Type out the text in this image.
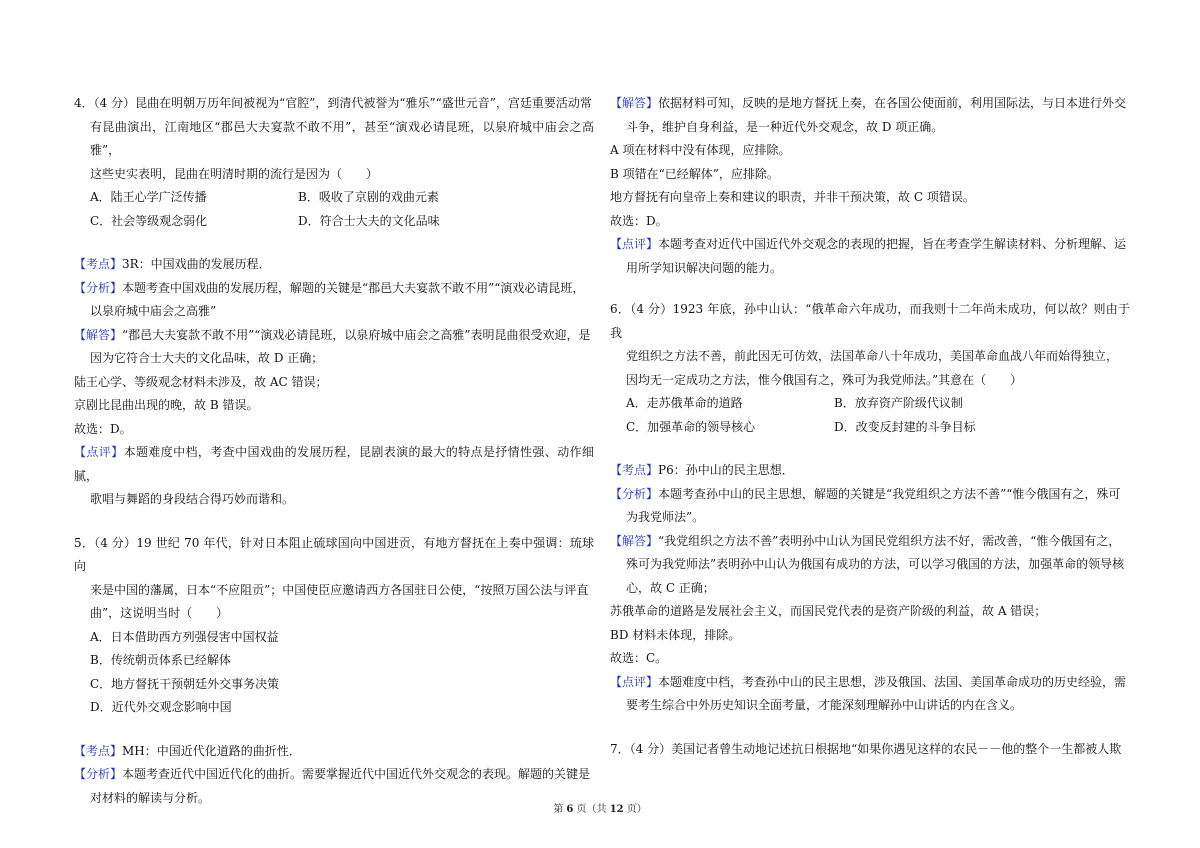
4．（4 分）昆曲在明朝万历年间被视为“官腔”，到清代被誉为“雅乐”“盛世元音”，宫廷重要活动常

有昆曲演出，江南地区“郡邑大夫宴款不敢不用”，甚至“演戏必请昆班，以泉府城中庙会之高雅”，

这些史实表明，昆曲在明清时期的流行是因为（　　）

A．陆王心学广泛传播	B．吸收了京剧的戏曲元素
C．社会等级观念弱化	D．符合士大夫的文化品味

【考点】3R：中国戏曲的发展历程．

【分析】本题考查中国戏曲的发展历程，解题的关键是“郡邑大夫宴款不敢不用”“演戏必请昆班，

以泉府城中庙会之高雅”

【解答】“郡邑大夫宴款不敢不用”“演戏必请昆班，以泉府城中庙会之高雅”表明昆曲很受欢迎，是

因为它符合士大夫的文化品味，故 D 正确；

陆王心学、等级观念材料未涉及，故 AC 错误；

京剧比昆曲出现的晚，故 B 错误。

故选：D。

【点评】本题难度中档，考查中国戏曲的发展历程，昆剧表演的最大的特点是抒情性强、动作细腻，

歌唱与舞蹈的身段结合得巧妙而谐和。

5．（4 分）19 世纪 70 年代，针对日本阻止硫球国向中国进贡，有地方督抚在上奏中强调：琉球向

来是中国的藩属，日本“不应阻贡”；中国使臣应邀请西方各国驻日公使，“按照万国公法与评直

曲”，这说明当时（　　）

A．日本借助西方列强侵害中国权益

B．传统朝贡体系已经解体

C．地方督抚干预朝廷外交事务决策

D．近代外交观念影响中国

【考点】MH：中国近代化道路的曲折性．

【分析】本题考查近代中国近代化的曲折。需要掌握近代中国近代外交观念的表现。解题的关键是

对材料的解读与分析。

【解答】依据材料可知，反映的是地方督抚上奏，在各国公使面前，利用国际法，与日本进行外交

斗争，维护自身利益，是一种近代外交观念，故 D 项正确。

A 项在材料中没有体现，应排除。

B 项错在“已经解体”，应排除。

地方督抚有向皇帝上奏和建议的职责，并非干预决策，故 C 项错误。

故选：D。

【点评】本题考查对近代中国近代外交观念的表现的把握，旨在考查学生解读材料、分析理解、运

用所学知识解决问题的能力。

6．（4 分）1923 年底，孙中山认：“俄革命六年成功，而我则十二年尚未成功，何以故？则由于我

党组织之方法不善，前此因无可仿效，法国革命八十年成功，美国革命血战八年而始得独立，

因均无一定成功之方法，惟今俄国有之，殊可为我党师法。”其意在（　　）

A．走苏俄革命的道路	B．放弃资产阶级代议制
C．加强革命的领导核心	D．改变反封建的斗争目标

【考点】P6：孙中山的民主思想．

【分析】本题考查孙中山的民主思想，解题的关键是“我党组织之方法不善”“惟今俄国有之，殊可

为我党师法”。

【解答】“我党组织之方法不善”表明孙中山认为国民党组织方法不好，需改善，“惟今俄国有之，

殊可为我党师法”表明孙中山认为俄国有成功的方法，可以学习俄国的方法，加强革命的领导核

心，故 C 正确；

苏俄革命的道路是发展社会主义，而国民党代表的是资产阶级的利益，故 A 错误；

BD 材料未体现，排除。

故选：C。

【点评】本题难度中档，考查孙中山的民主思想，涉及俄国、法国、美国革命成功的历史经验，需

要考生综合中外历史知识全面考量，才能深刻理解孙中山讲话的内在含义。

7．（4 分）美国记者曾生动地记述抗日根据地“如果你遇见这样的农民－－他的整个一生都被人欺

第 6 页（共 12 页）
